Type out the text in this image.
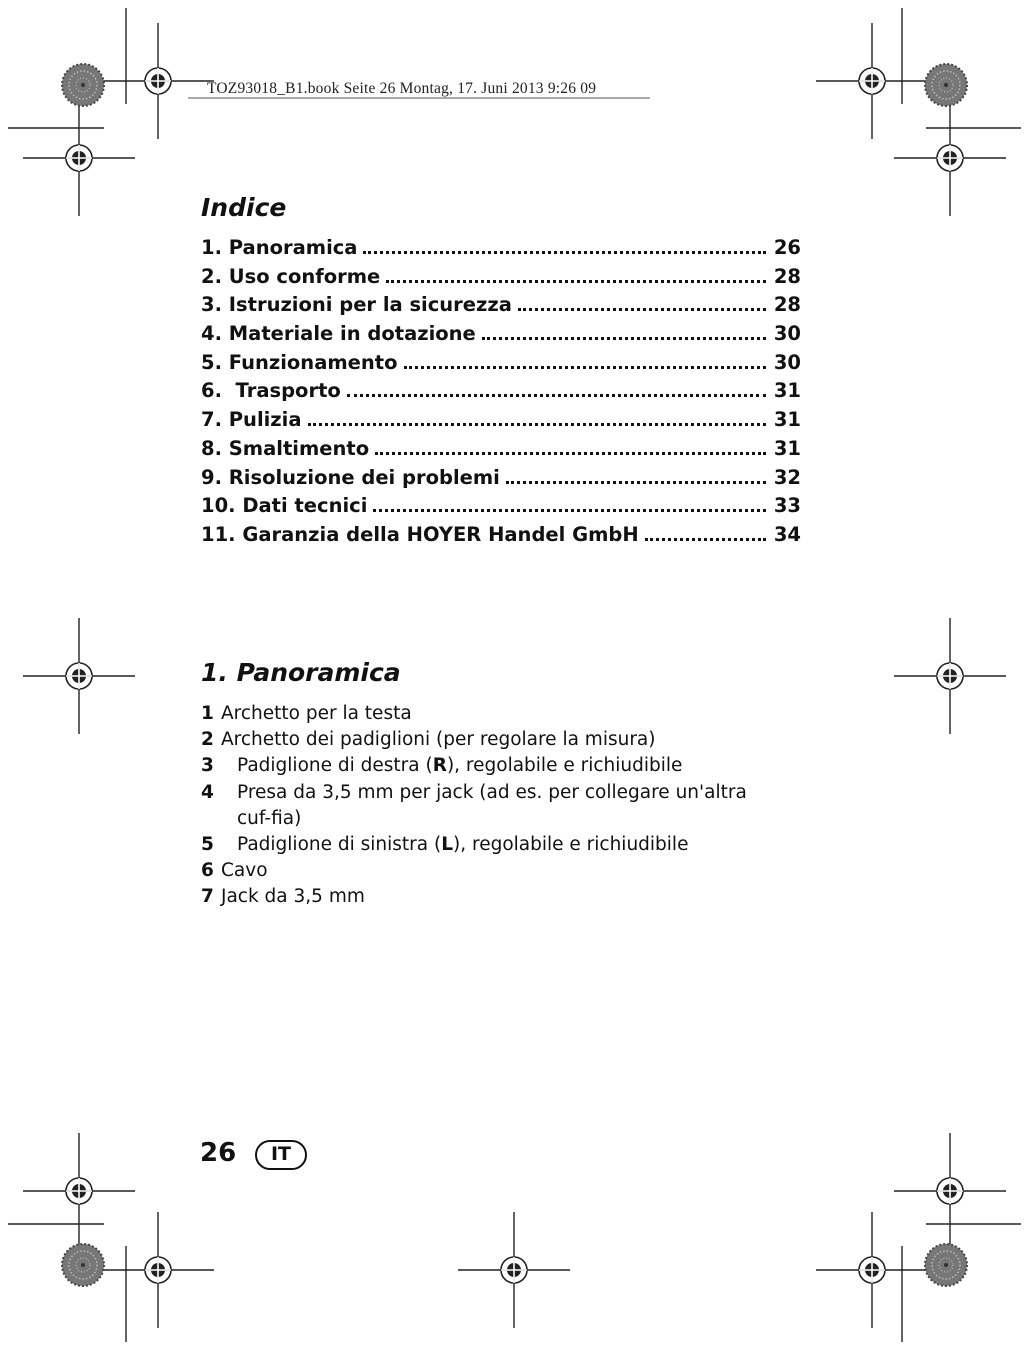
TOZ93018_B1.book Seite 26 Montag, 17. Juni 2013 9:26 09
Indice
1. Panoramica	26
2. Uso conforme	28
3. Istruzioni per la sicurezza	28
4. Materiale in dotazione	30
5. Funzionamento	30
6.  Trasporto	31
7. Pulizia	31
8. Smaltimento	31
9. Risoluzione dei problemi	32
10. Dati tecnici	33
11. Garanzia della HOYER Handel GmbH	34
1. Panoramica
1 Archetto per la testa
2 Archetto dei padiglioni (per regolare la misura)
3	Padiglione di destra (R), regolabile e richiudibile
4	Presa da 3,5 mm per jack (ad es. per collegare un'altra cuf-fia)
5	Padiglione di sinistra (L), regolabile e richiudibile
6 Cavo
7 Jack da 3,5 mm
26	IT
